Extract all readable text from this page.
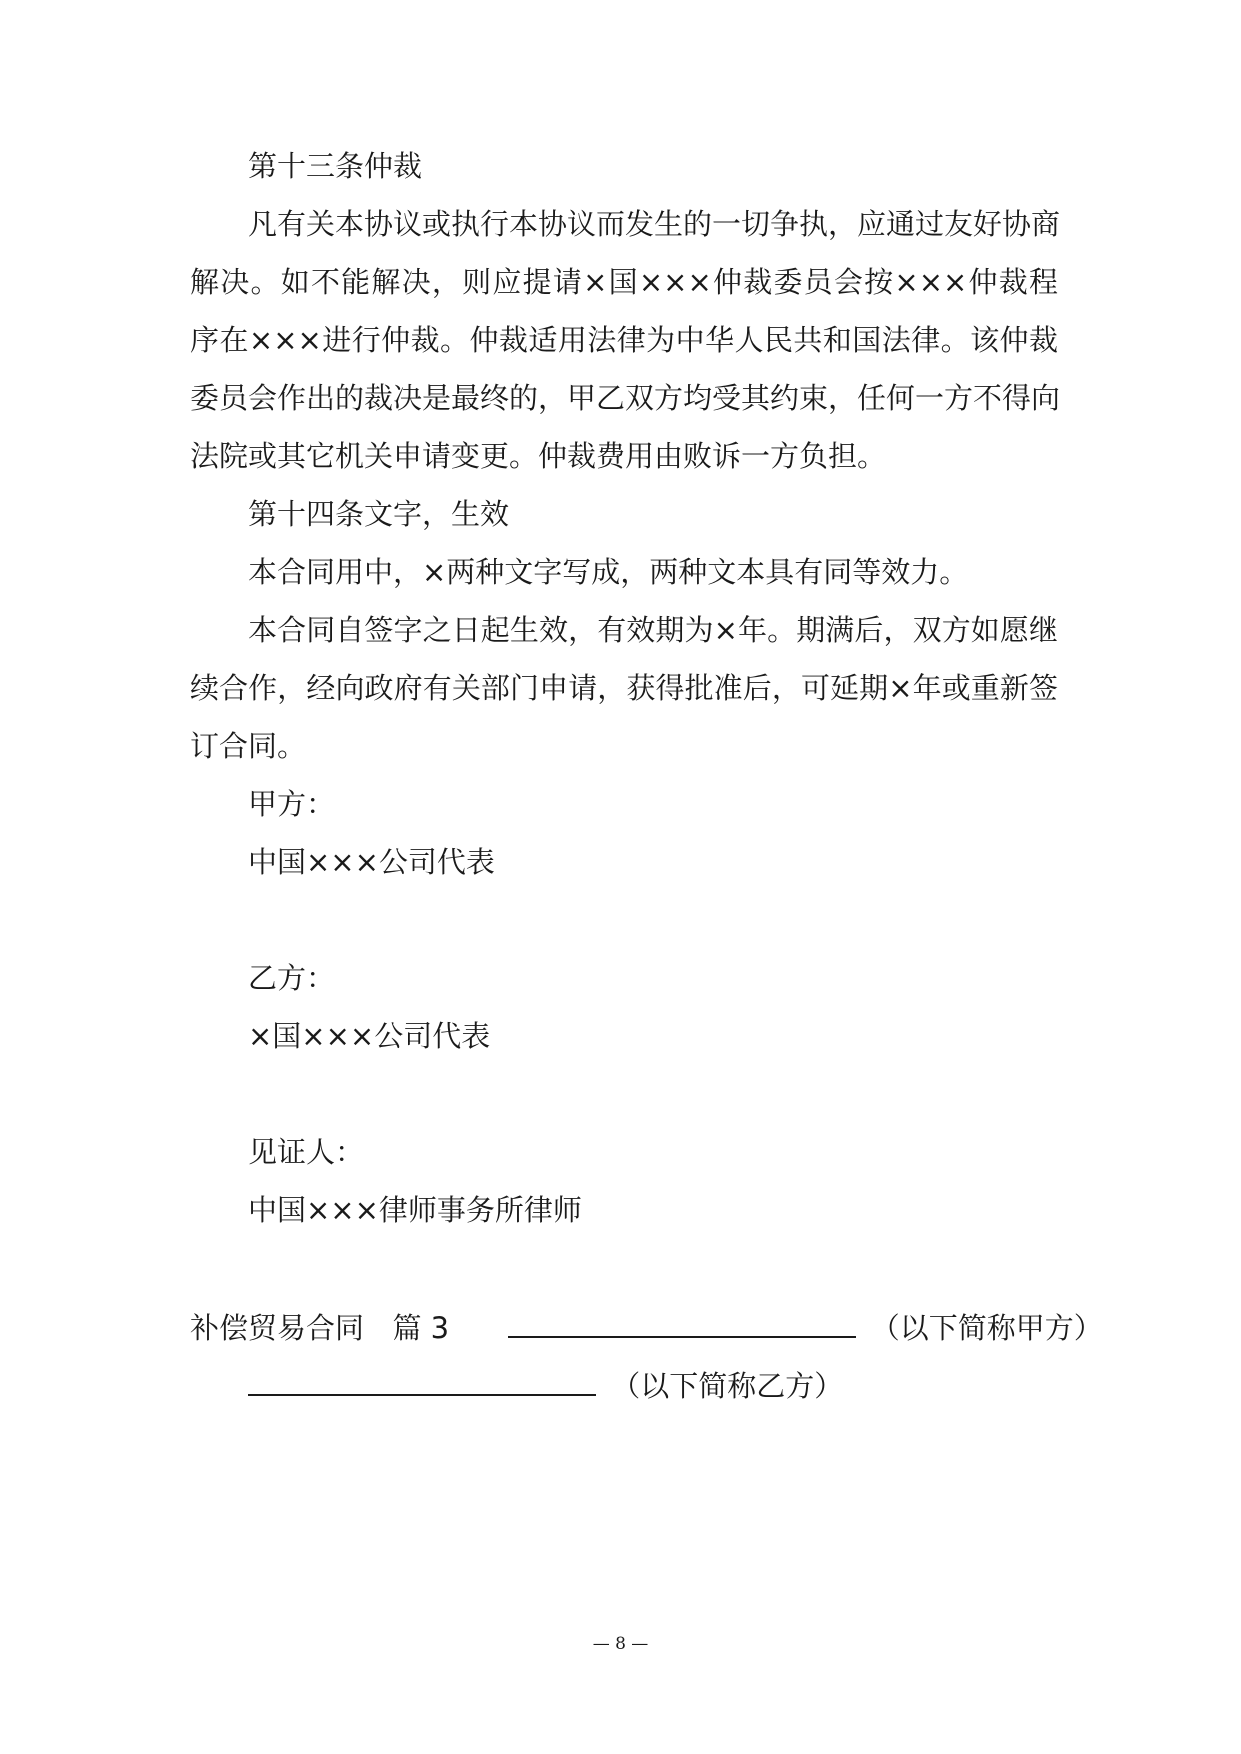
第十三条仲裁
凡有关本协议或执行本协议而发生的一切争执，应通过友好协商
解决。如不能解决，则应提请×国×××仲裁委员会按×××仲裁程
序在×××进行仲裁。仲裁适用法律为中华人民共和国法律。该仲裁
委员会作出的裁决是最终的，甲乙双方均受其约束，任何一方不得向
法院或其它机关申请变更。仲裁费用由败诉一方负担。
第十四条文字，生效
本合同用中，×两种文字写成，两种文本具有同等效力。
本合同自签字之日起生效，有效期为×年。期满后，双方如愿继
续合作，经向政府有关部门申请，获得批准后，可延期×年或重新签
订合同。
甲方：
中国×××公司代表
乙方：
×国×××公司代表
见证人：
中国×××律师事务所律师
补偿贸易合同 篇 3	（以下简称甲方）
（以下简称乙方）
— 8 —
